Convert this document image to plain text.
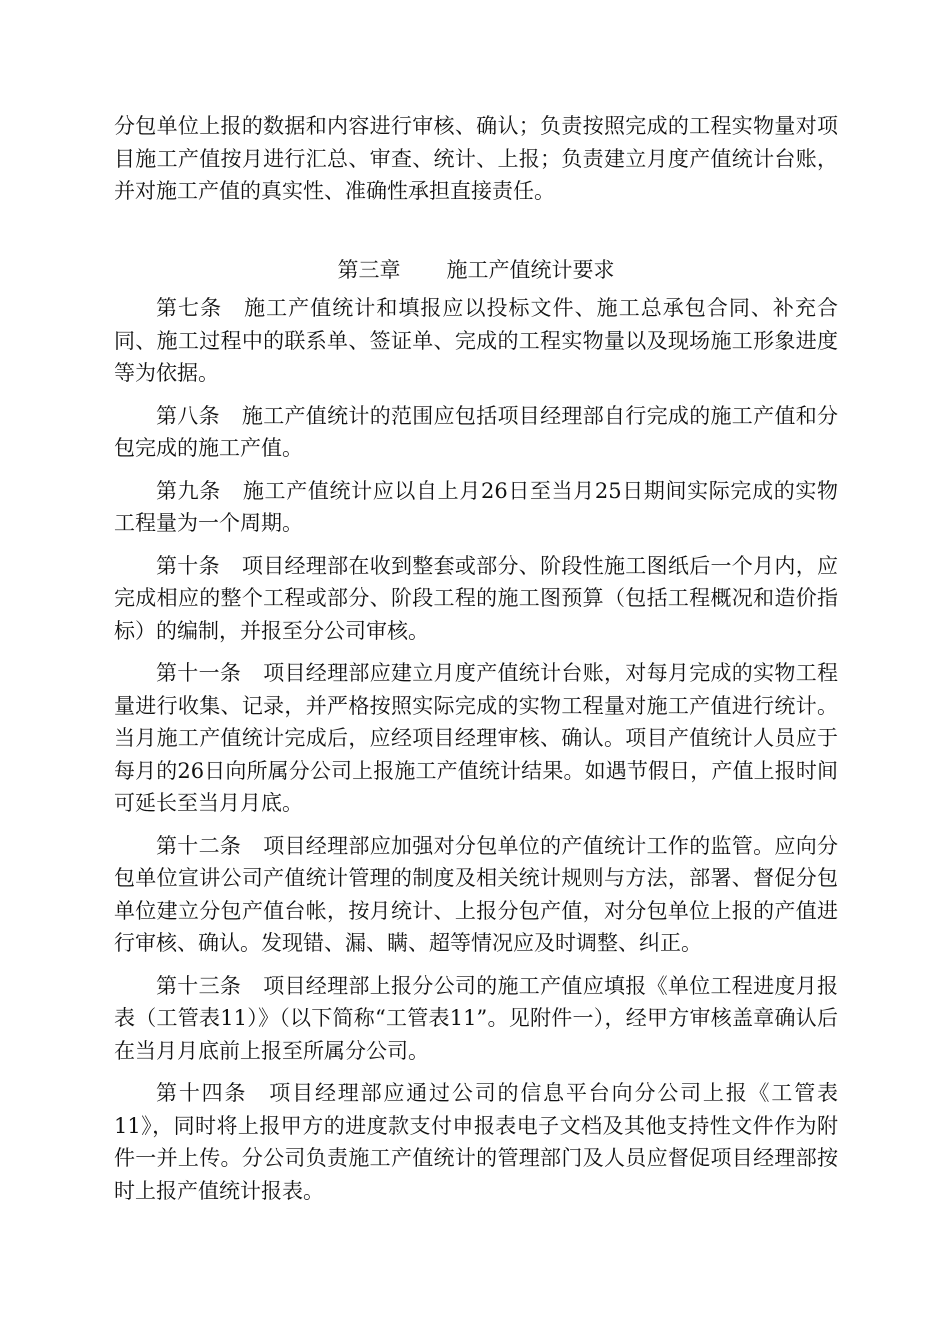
分包单位上报的数据和内容进行审核、确认；负责按照完成的工程实物量对项目施工产值按月进行汇总、审查、统计、上报；负责建立月度产值统计台账，并对施工产值的真实性、准确性承担直接责任。

第三章 施工产值统计要求

第七条 施工产值统计和填报应以投标文件、施工总承包合同、补充合同、施工过程中的联系单、签证单、完成的工程实物量以及现场施工形象进度等为依据。

第八条 施工产值统计的范围应包括项目经理部自行完成的施工产值和分包完成的施工产值。

第九条 施工产值统计应以自上月26日至当月25日期间实际完成的实物工程量为一个周期。

第十条 项目经理部在收到整套或部分、阶段性施工图纸后一个月内，应完成相应的整个工程或部分、阶段工程的施工图预算（包括工程概况和造价指标）的编制，并报至分公司审核。

第十一条 项目经理部应建立月度产值统计台账，对每月完成的实物工程量进行收集、记录，并严格按照实际完成的实物工程量对施工产值进行统计。当月施工产值统计完成后，应经项目经理审核、确认。项目产值统计人员应于每月的26日向所属分公司上报施工产值统计结果。如遇节假日，产值上报时间可延长至当月月底。

第十二条 项目经理部应加强对分包单位的产值统计工作的监管。应向分包单位宣讲公司产值统计管理的制度及相关统计规则与方法，部署、督促分包单位建立分包产值台帐，按月统计、上报分包产值，对分包单位上报的产值进行审核、确认。发现错、漏、瞒、超等情况应及时调整、纠正。

第十三条 项目经理部上报分公司的施工产值应填报《单位工程进度月报表（工管表11）》（以下简称“工管表11”。见附件一），经甲方审核盖章确认后在当月月底前上报至所属分公司。

第十四条 项目经理部应通过公司的信息平台向分公司上报《工管表11》，同时将上报甲方的进度款支付申报表电子文档及其他支持性文件作为附件一并上传。分公司负责施工产值统计的管理部门及人员应督促项目经理部按时上报产值统计报表。
